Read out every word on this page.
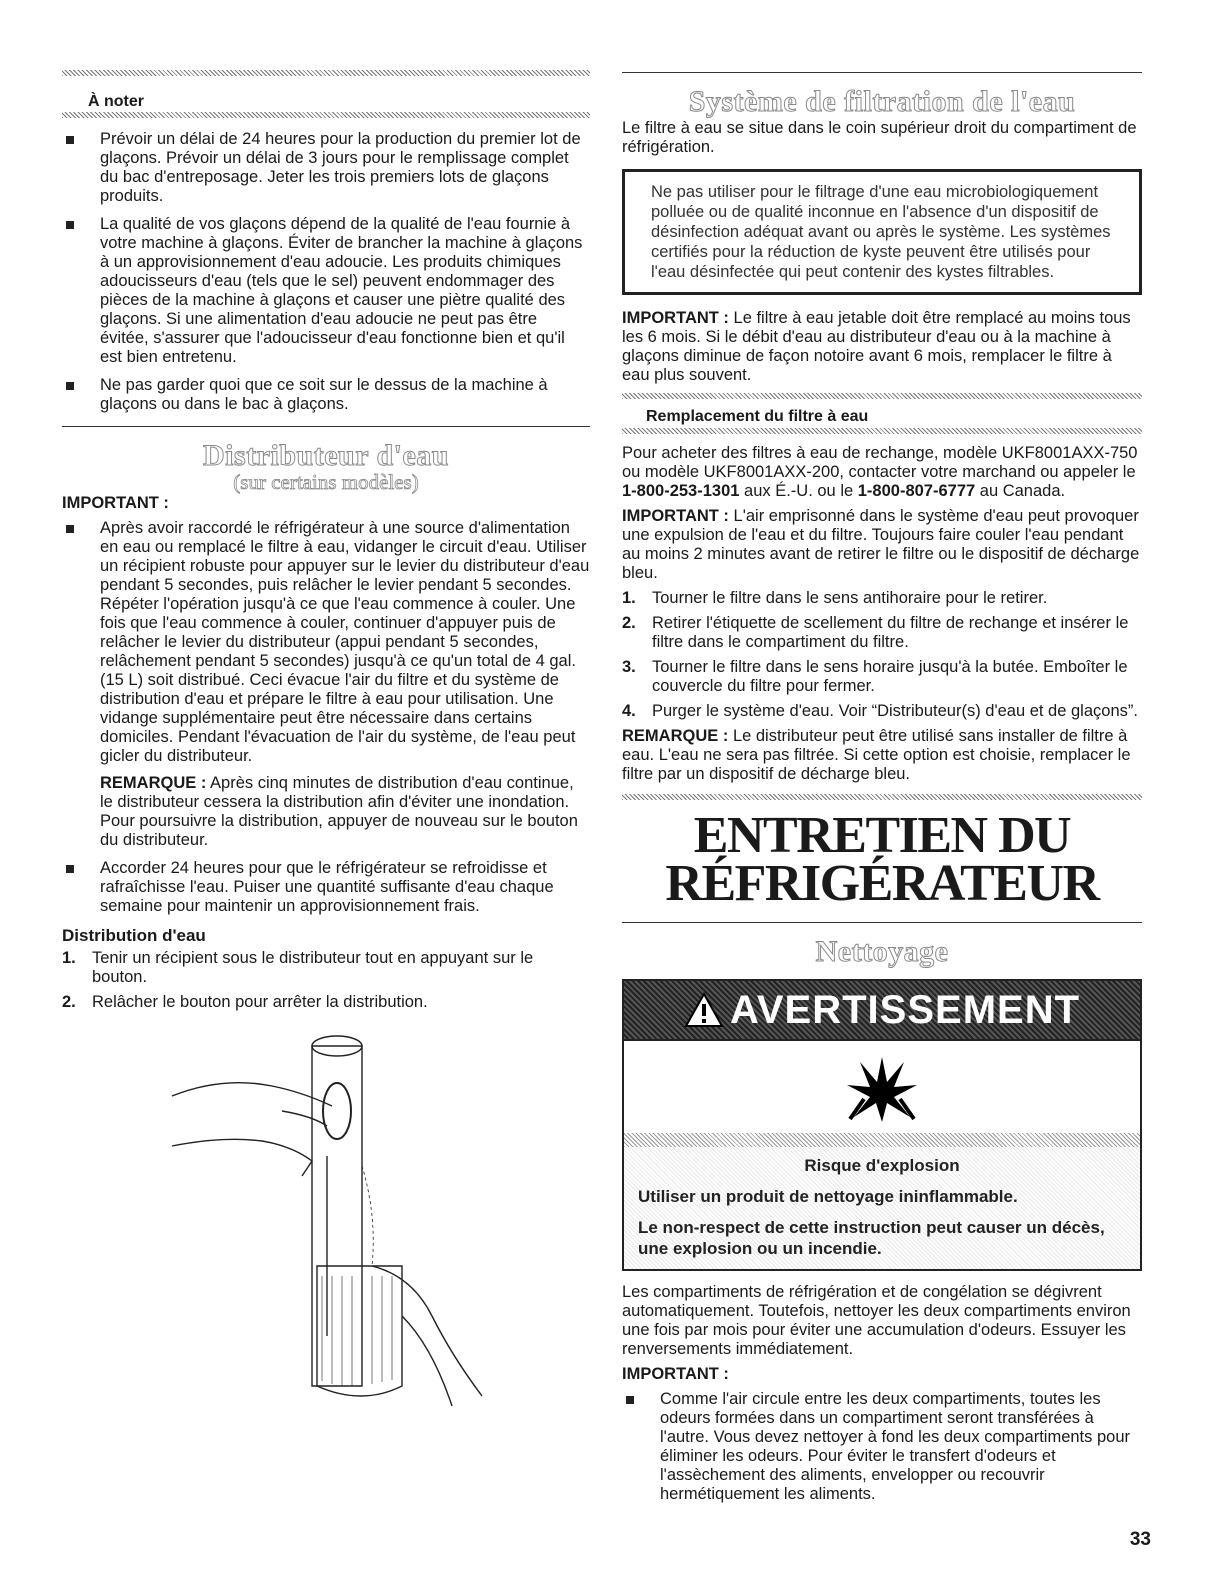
À noter
Prévoir un délai de 24 heures pour la production du premier lot de glaçons. Prévoir un délai de 3 jours pour le remplissage complet du bac d'entreposage. Jeter les trois premiers lots de glaçons produits.
La qualité de vos glaçons dépend de la qualité de l'eau fournie à votre machine à glaçons. Éviter de brancher la machine à glaçons à un approvisionnement d'eau adoucie. Les produits chimiques adoucisseurs d'eau (tels que le sel) peuvent endommager des pièces de la machine à glaçons et causer une piètre qualité des glaçons. Si une alimentation d'eau adoucie ne peut pas être évitée, s'assurer que l'adoucisseur d'eau fonctionne bien et qu'il est bien entretenu.
Ne pas garder quoi que ce soit sur le dessus de la machine à glaçons ou dans le bac à glaçons.
Distributeur d'eau
(sur certains modèles)
IMPORTANT :

Après avoir raccordé le réfrigérateur à une source d'alimentation en eau ou remplacé le filtre à eau, vidanger le circuit d'eau. Utiliser un récipient robuste pour appuyer sur le levier du distributeur d'eau pendant 5 secondes, puis relâcher le levier pendant 5 secondes. Répéter l'opération jusqu'à ce que l'eau commence à couler. Une fois que l'eau commence à couler, continuer d'appuyer puis de relâcher le levier du distributeur (appui pendant 5 secondes, relâchement pendant 5 secondes) jusqu'à ce qu'un total de 4 gal. (15 L) soit distribué. Ceci évacue l'air du filtre et du système de distribution d'eau et prépare le filtre à eau pour utilisation. Une vidange supplémentaire peut être nécessaire dans certains domiciles. Pendant l'évacuation de l'air du système, de l'eau peut gicler du distributeur.

REMARQUE : Après cinq minutes de distribution d'eau continue, le distributeur cessera la distribution afin d'éviter une inondation. Pour poursuivre la distribution, appuyer de nouveau sur le bouton du distributeur.

Accorder 24 heures pour que le réfrigérateur se refroidisse et rafraîchisse l'eau. Puiser une quantité suffisante d'eau chaque semaine pour maintenir un approvisionnement frais.
Distribution d'eau
1. Tenir un récipient sous le distributeur tout en appuyant sur le bouton.
2. Relâcher le bouton pour arrêter la distribution.
Système de filtration de l'eau

Le filtre à eau se situe dans le coin supérieur droit du compartiment de réfrigération.

Ne pas utiliser pour le filtrage d'une eau microbiologiquement polluée ou de qualité inconnue en l'absence d'un dispositif de désinfection adéquat avant ou après le système. Les systèmes certifiés pour la réduction de kyste peuvent être utilisés pour l'eau désinfectée qui peut contenir des kystes filtrables.

IMPORTANT : Le filtre à eau jetable doit être remplacé au moins tous les 6 mois. Si le débit d'eau au distributeur d'eau ou à la machine à glaçons diminue de façon notoire avant 6 mois, remplacer le filtre à eau plus souvent.

Remplacement du filtre à eau

Pour acheter des filtres à eau de rechange, modèle UKF8001AXX-750 ou modèle UKF8001AXX-200, contacter votre marchand ou appeler le 1-800-253-1301 aux É.-U. ou le 1-800-807-6777 au Canada.

IMPORTANT : L'air emprisonné dans le système d'eau peut provoquer une expulsion de l'eau et du filtre. Toujours faire couler l'eau pendant au moins 2 minutes avant de retirer le filtre ou le dispositif de décharge bleu.

1. Tourner le filtre dans le sens antihoraire pour le retirer.
2. Retirer l'étiquette de scellement du filtre de rechange et insérer le filtre dans le compartiment du filtre.
3. Tourner le filtre dans le sens horaire jusqu'à la butée. Emboîter le couvercle du filtre pour fermer.
4. Purger le système d'eau. Voir “Distributeur(s) d'eau et de glaçons”.

REMARQUE : Le distributeur peut être utilisé sans installer de filtre à eau. L'eau ne sera pas filtrée. Si cette option est choisie, remplacer le filtre par un dispositif de décharge bleu.

ENTRETIEN DU
RÉFRIGÉRATEUR
Nettoyage
AVERTISSEMENT
Risque d'explosion
Utiliser un produit de nettoyage ininflammable.
Le non-respect de cette instruction peut causer un décès, une explosion ou un incendie.

Les compartiments de réfrigération et de congélation se dégivrent automatiquement. Toutefois, nettoyer les deux compartiments environ une fois par mois pour éviter une accumulation d'odeurs. Essuyer les renversements immédiatement.

IMPORTANT :
Comme l'air circule entre les deux compartiments, toutes les odeurs formées dans un compartiment seront transférées à l'autre. Vous devez nettoyer à fond les deux compartiments pour éliminer les odeurs. Pour éviter le transfert d'odeurs et l'assèchement des aliments, envelopper ou recouvrir hermétiquement les aliments.
33
